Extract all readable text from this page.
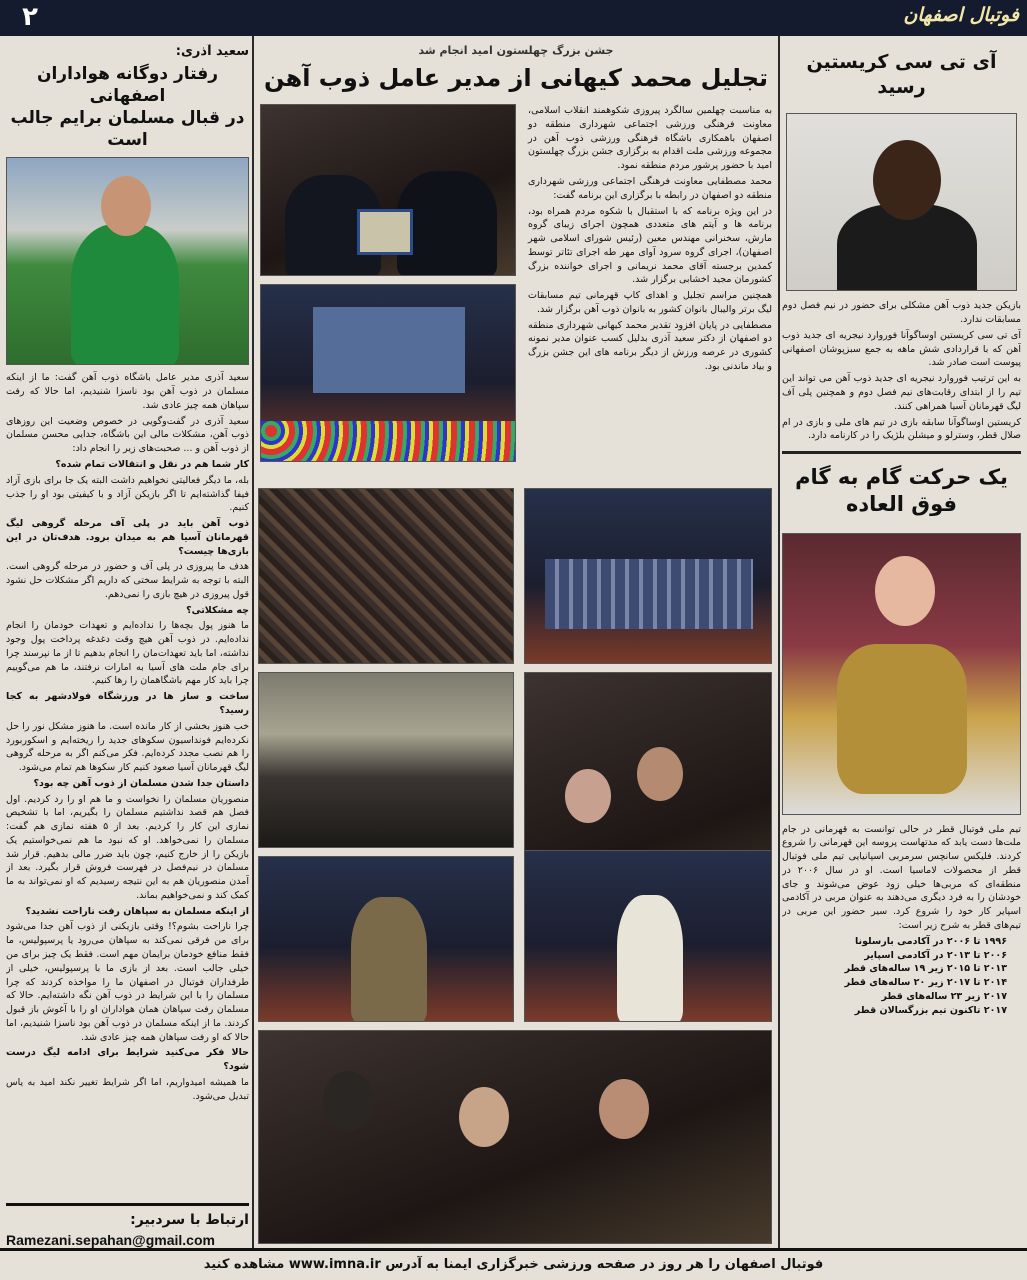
۲	فوتبال اصفهان
آی تی سی کریستین رسید

بازیکن جدید ذوب آهن مشکلی برای حضور در نیم فصل دوم مسابقات ندارد.

آی تی سی کریستین اوساگوآنا فوروارد نیجریه ای جدید ذوب آهن که با قراردادی شش ماهه به جمع سبزپوشان اصفهانی پیوست است صادر شد.

به این ترتیب فوروارد نیجریه ای جدید ذوب آهن می تواند این تیم را از ابتدای رقابت‌های نیم فصل دوم و همچنین پلی آف لیگ قهرمانان آسیا همراهی کنند.

کریستین اوساگوآنا سابقه بازی در تیم های ملی و بازی در ام صلال قطر، وسترلو و میشلن بلژیک را در کارنامه دارد.

یک حرکت گام به گام
فوق العاده

تیم ملی فوتبال قطر در حالی توانست به قهرمانی در جام ملت‌ها دست یابد که مدتهاست پروسه این قهرمانی را شروع کردند. فلیکس سانچس سرمربی اسپانیایی تیم ملی فوتبال قطر از محصولات لاماسیا است. او در سال ۲۰۰۶ در منطقه‌ای که مربی‌ها خیلی زود عوض می‌شوند و جای خودشان را به فرد دیگری می‌دهند به عنوان مربی در آکادمی اسپایر کار خود را شروع کرد. سیر حضور این مربی در تیم‌های قطر به شرح زیر است:

۱۹۹۶ تا ۲۰۰۶ در آکادمی بارسلونا
۲۰۰۶ تا ۲۰۱۳ در آکادمی اسپایر
۲۰۱۳ تا ۲۰۱۵ زیر ۱۹ ساله‌های قطر
۲۰۱۴ تا ۲۰۱۷ زیر ۲۰ ساله‌های قطر
۲۰۱۷ زیر ۲۳ ساله‌های قطر
۲۰۱۷ تاکنون تیم بزرگسالان قطر
جشن بزرگ چهلستون امید انجام شد
تجلیل محمد کیهانی از مدیر عامل ذوب آهن

به مناسبت چهلمین سالگرد پیروزی شکوهمند انقلاب اسلامی، معاونت فرهنگی ورزشی اجتماعی شهرداری منطقه دو اصفهان باهمکاری باشگاه فرهنگی ورزشی ذوب آهن در مجموعه ورزشی ملت اقدام به برگزاری جشن بزرگ چهلستون امید با حضور پرشور مردم منطقه نمود.

محمد مصطفایی معاونت فرهنگی اجتماعی ورزشی شهرداری منطقه دو اصفهان در رابطه با برگزاری این برنامه گفت:

در این ویژه برنامه که با استقبال با شکوه مردم همراه بود، برنامه ها و آیتم های متعددی همچون اجرای زیبای گروه مارش، سخنرانی مهندس معین (رئیس شورای اسلامی شهر اصفهان)، اجرای گروه سرود آوای مهر طه اجرای تئاتر توسط کمدین برجسته آقای محمد نریمانی و اجرای خواننده بزرگ کشورمان مجید اخشابی برگزار شد.

همچنین مراسم تجلیل و اهدای کاپ قهرمانی تیم مسابقات لیگ برتر والیبال بانوان کشور به بانوان ذوب آهن برگزار شد.

مصطفایی در پایان افزود تقدیر محمد کیهانی شهرداری منطقه دو اصفهان از دکتر سعید آذری بدلیل کسب عنوان مدیر نمونه کشوری در عرصه ورزش از دیگر برنامه های این جشن بزرگ و بیاد ماندنی بود.

سعید آذری:
رفتار دوگانه هواداران اصفهانی
در قبال مسلمان برایم جالب است

سعید آذری مدیر عامل باشگاه ذوب آهن گفت: ما از اینکه مسلمان در ذوب آهن بود ناسزا شنیدیم، اما حالا که رفت سپاهان همه چیز عادی شد.

سعید آذری در گفت‌وگویی در خصوص وضعیت این روزهای ذوب آهن، مشکلات مالی این باشگاه، جدایی محسن مسلمان از ذوب آهن و ... صحبت‌های زیر را انجام داد:

کار شما هم در نقل و انتقالات تمام شده؟

بله، ما دیگر فعالیتی نخواهیم داشت البته یک جا برای بازی آزاد فیفا گذاشته‌ایم تا اگر بازیکن آزاد و با کیفیتی بود او را جذب کنیم.

ذوب آهن باید در پلی آف مرحله گروهی لیگ قهرمانان آسیا هم به میدان برود. هدف‌تان در این بازی‌ها چیست؟

هدف ما پیروزی در پلی آف و حضور در مرحله گروهی است. البته با توجه به شرایط سختی که داریم اگر مشکلات حل نشود قول پیروزی در هیچ بازی را نمی‌دهم.

چه مشکلاتی؟

ما هنوز پول بچه‌ها را نداده‌ایم و تعهدات خودمان را انجام نداده‌ایم. در ذوب آهن هیچ وقت دغدغه پرداخت پول وجود نداشته، اما باید تعهدات‌مان را انجام بدهیم تا از ما نپرسند چرا برای جام ملت های آسیا به امارات نرفتند، ما هم می‌گوییم چرا باید کار مهم باشگاهمان را رها کنیم.

ساخت و ساز ها در ورزشگاه فولادشهر به کجا رسید؟

خب هنوز بخشی از کار مانده است. ما هنوز مشکل نور را حل نکرده‌ایم فونداسیون سکوهای جدید را ریخته‌ایم و اسکوربورد را هم نصب مجدد کرده‌ایم. فکر می‌کنم اگر به مرحله گروهی لیگ قهرمانان آسیا صعود کنیم کار سکوها هم تمام می‌شود.

داستان جدا شدن مسلمان از ذوب آهن چه بود؟

منصوریان مسلمان را نخواست و ما هم او را رد کردیم. اول فصل هم قصد نداشتیم مسلمان را بگیریم، اما با تشخیص نمازی این کار را کردیم. بعد از ۵ هفته نمازی هم گفت: مسلمان را نمی‌خواهد. او که نبود ما هم نمی‌خواستیم یک بازیکن را از خارج کنیم، چون باید ضرر مالی بدهیم. قرار شد مسلمان در نیم‌فصل در فهرست فروش قرار بگیرد. بعد از آمدن منصوریان هم به این نتیجه رسیدیم که او نمی‌تواند به ما کمک کند و نمی‌خواهیم بماند.

از اینکه مسلمان به سپاهان رفت ناراحت نشدید؟

چرا ناراحت بشوم؟! وقتی بازیکنی از ذوب آهن جدا می‌شود برای من فرقی نمی‌کند به سپاهان می‌رود یا پرسپولیس، ما فقط منافع خودمان برایمان مهم است. فقط یک چیز برای من خیلی جالب است. بعد از بازی ما با پرسپولیس، خیلی از طرفداران فوتبال در اصفهان ما را مواخذه کردند که چرا مسلمان را با این شرایط در ذوب آهن نگه داشته‌ایم. حالا که مسلمان رفت سپاهان همان هواداران او را با آغوش باز قبول کردند. ما از اینکه مسلمان در ذوب آهن بود ناسزا شنیدیم، اما حالا که او رفت سپاهان همه چیز عادی شد.

حالا فکر می‌کنید شرایط برای ادامه لیگ درست شود؟

ما همیشه امیدواریم، اما اگر شرایط تغییر نکند امید به یاس تبدیل می‌شود.

ارتباط با سردبیر:
Ramezani.sepahan@gmail.com
فوتبال اصفهان را هر روز در صفحه ورزشی خبرگزاری ایمنا به آدرس www.imna.ir مشاهده کنید
